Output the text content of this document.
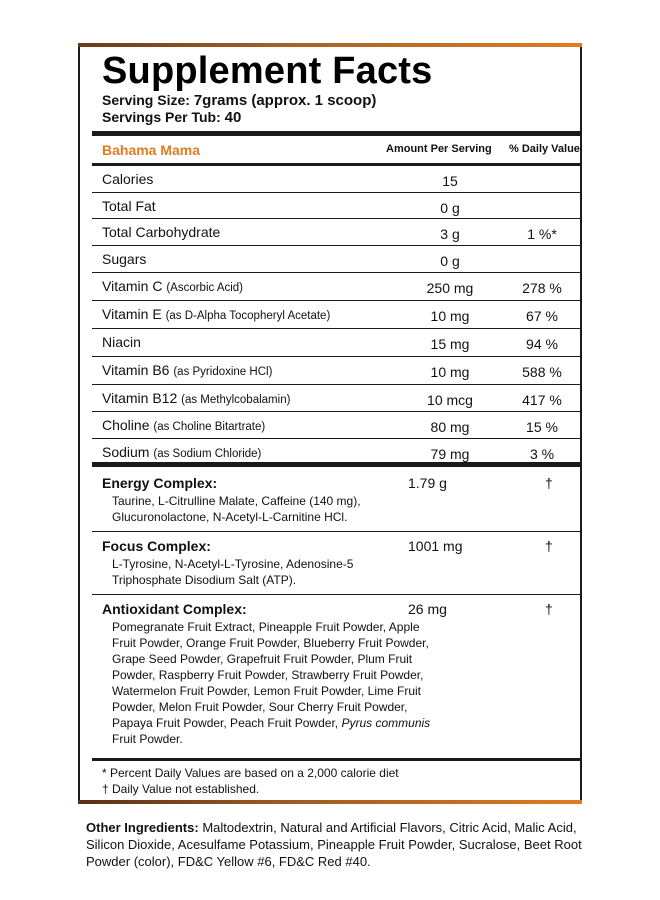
Supplement Facts
Serving Size: 7grams (approx. 1 scoop)
Servings Per Tub: 40
Bahama Mama	Amount Per Serving % Daily Value
Calories	15
Total Fat	0 g
Total Carbohydrate	3 g	1 %*
Sugars	0 g
Vitamin C (Ascorbic Acid)	250 mg	278 %
Vitamin E (as D-Alpha Tocopheryl Acetate)	10 mg	67 %
Niacin	15 mg	94 %
Vitamin B6 (as Pyridoxine HCl)	10 mg	588 %
Vitamin B12 (as Methylcobalamin)	10 mcg	417 %
Choline (as Choline Bitartrate)	80 mg	15 %
Sodium (as Sodium Chloride)	79 mg	3 %
Energy Complex:	1.79 g	†
Taurine, L-Citrulline Malate, Caffeine (140 mg),
Glucuronolactone, N-Acetyl-L-Carnitine HCl.
Focus Complex:	1001 mg	†
L-Tyrosine, N-Acetyl-L-Tyrosine, Adenosine-5
Triphosphate Disodium Salt (ATP).
Antioxidant Complex:	26 mg	†
Pomegranate Fruit Extract, Pineapple Fruit Powder, Apple
Fruit Powder, Orange Fruit Powder, Blueberry Fruit Powder,
Grape Seed Powder, Grapefruit Fruit Powder, Plum Fruit
Powder, Raspberry Fruit Powder, Strawberry Fruit Powder,
Watermelon Fruit Powder, Lemon Fruit Powder, Lime Fruit
Powder, Melon Fruit Powder, Sour Cherry Fruit Powder,
Papaya Fruit Powder, Peach Fruit Powder, Pyrus communis
Fruit Powder.
* Percent Daily Values are based on a 2,000 calorie diet
† Daily Value not established.
Other Ingredients: Maltodextrin, Natural and Artificial Flavors, Citric Acid, Malic Acid, Silicon Dioxide, Acesulfame Potassium, Pineapple Fruit Powder, Sucralose, Beet Root Powder (color), FD&C Yellow #6, FD&C Red #40.
